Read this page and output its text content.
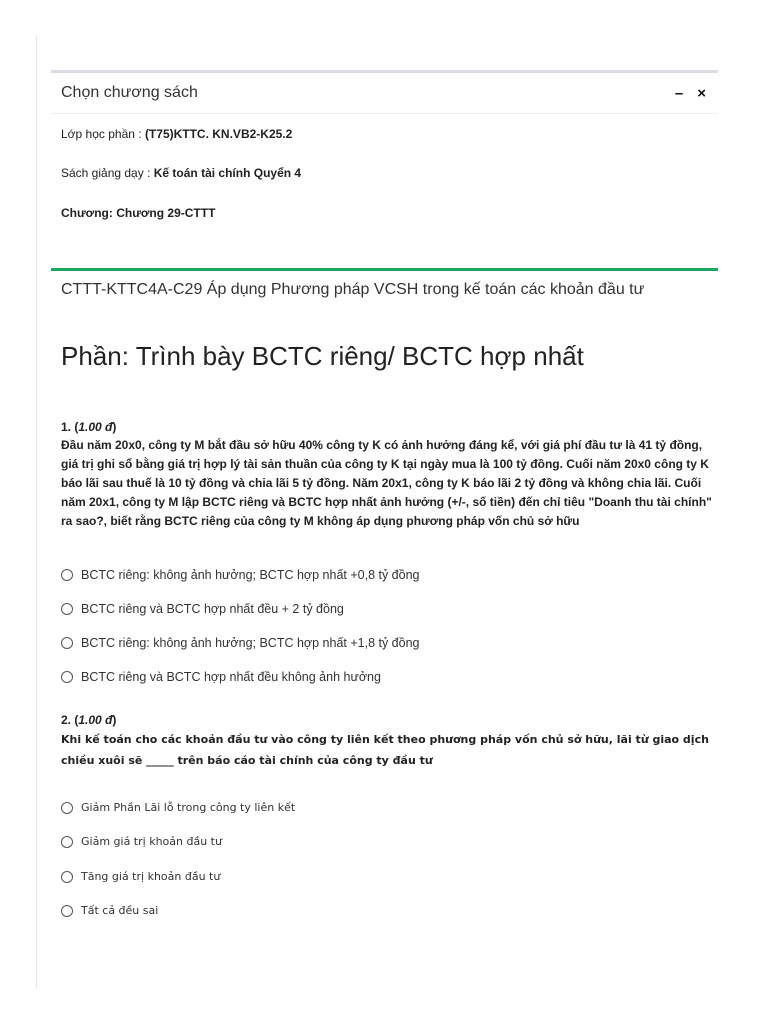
Chọn chương sách	– ×
Lớp học phần : (T75)KTTC. KN.VB2-K25.2
Sách giảng dạy : Kế toán tài chính Quyển 4
Chương: Chương 29-CTTT
CTTT-KTTC4A-C29 Áp dụng Phương pháp VCSH trong kế toán các khoản đầu tư
Phần: Trình bày BCTC riêng/ BCTC hợp nhất
1. (1.00 đ)
Đầu năm 20x0, công ty M bắt đầu sở hữu 40% công ty K có ảnh hưởng đáng kể, với giá phí đầu tư là 41 tỷ đồng, giá trị ghi sổ bằng giá trị hợp lý tài sản thuần của công ty K tại ngày mua là 100 tỷ đồng. Cuối năm 20x0 công ty K báo lãi sau thuế là 10 tỷ đồng và chia lãi 5 tỷ đồng. Năm 20x1, công ty K báo lãi 2 tỷ đồng và không chia lãi. Cuối năm 20x1, công ty M lập BCTC riêng và BCTC hợp nhất ảnh hưởng (+/-, số tiền) đến chỉ tiêu "Doanh thu tài chính" ra sao?, biết rằng BCTC riêng của công ty M không áp dụng phương pháp vốn chủ sở hữu
BCTC riêng: không ảnh hưởng; BCTC hợp nhất +0,8 tỷ đồng
BCTC riêng và BCTC hợp nhất đều + 2 tỷ đồng
BCTC riêng: không ảnh hưởng; BCTC hợp nhất +1,8 tỷ đồng
BCTC riêng và BCTC hợp nhất đều không ảnh hưởng
2. (1.00 đ)
Khi kế toán cho các khoản đầu tư vào công ty liên kết theo phương pháp vốn chủ sở hữu, lãi từ giao dịch chiều xuôi sẽ _____ trên báo cáo tài chính của công ty đầu tư
Giảm Phần Lãi lỗ trong công ty liên kết
Giảm giá trị khoản đầu tư
Tăng giá trị khoản đầu tư
Tất cả đều sai
